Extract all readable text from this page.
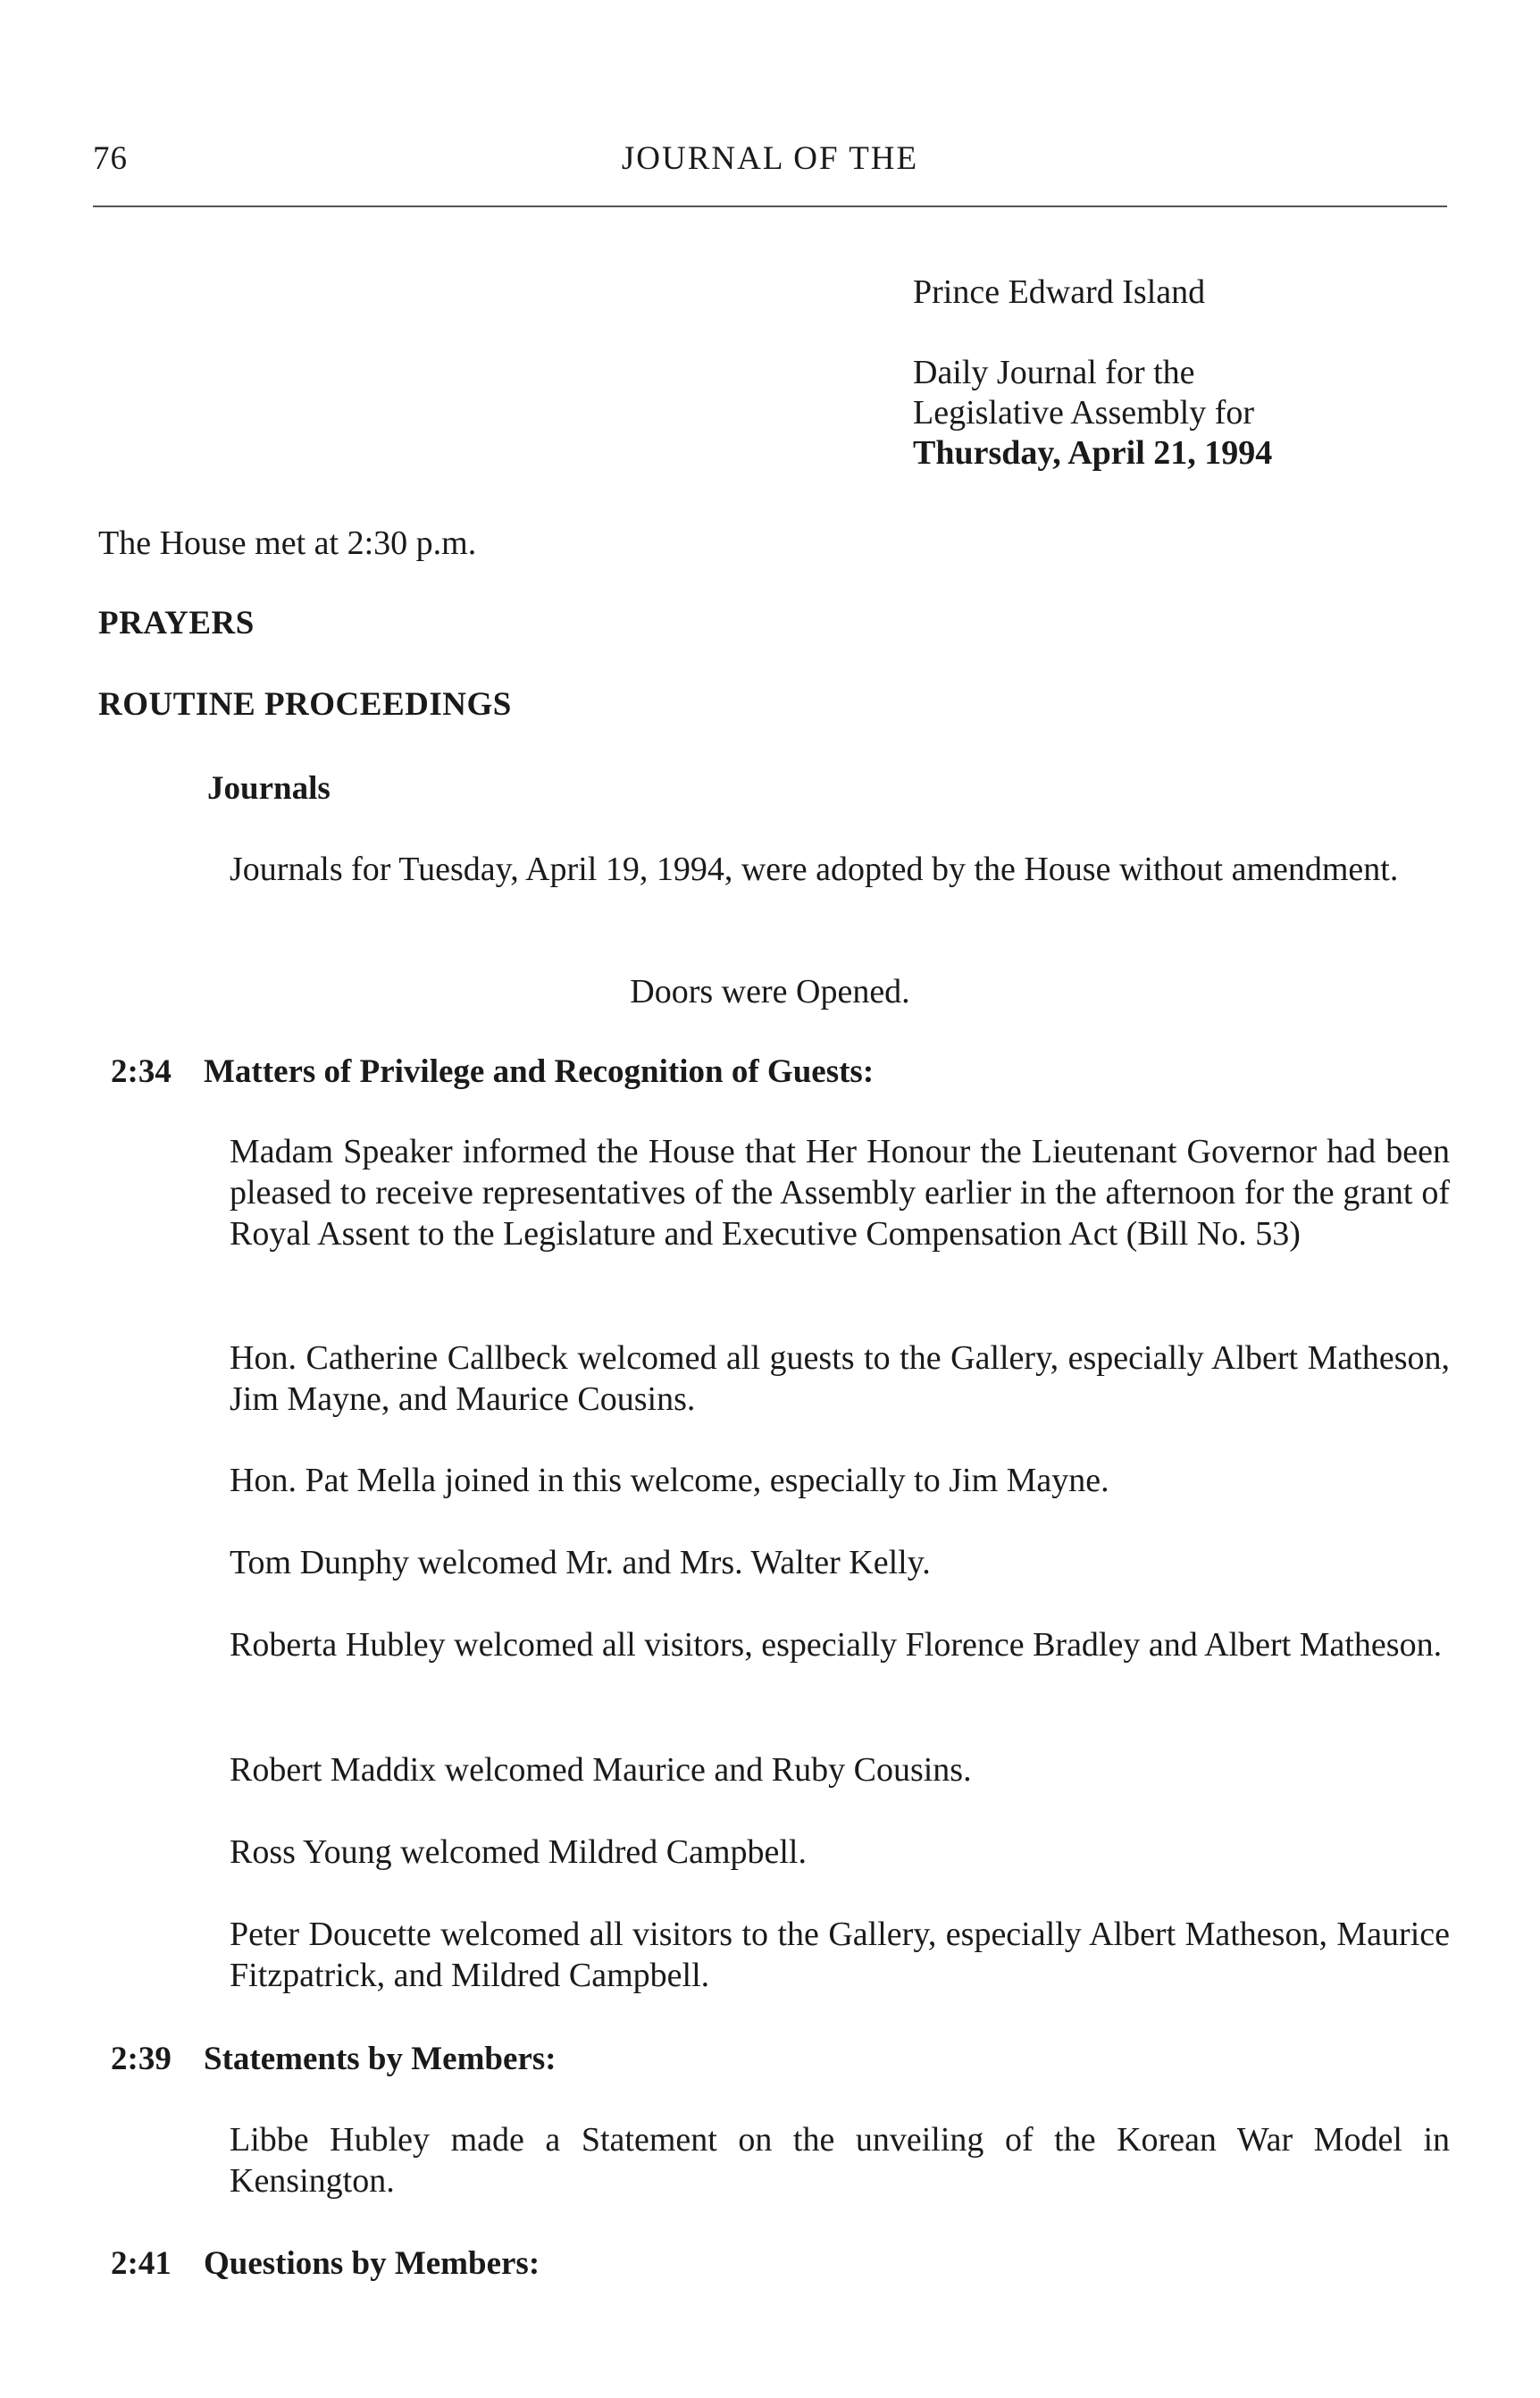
76	JOURNAL OF THE
Prince Edward Island
Daily Journal for the
Legislative Assembly for
Thursday, April 21, 1994
The House met at 2:30 p.m.
PRAYERS
ROUTINE PROCEEDINGS
Journals

Journals for Tuesday, April 19, 1994, were adopted by the House without amendment.

Doors were Opened.
2:34 Matters of Privilege and Recognition of Guests:

Madam Speaker informed the House that Her Honour the Lieutenant Governor had been pleased to receive representatives of the Assembly earlier in the afternoon for the grant of Royal Assent to the Legislature and Executive Compensation Act (Bill No. 53)

Hon. Catherine Callbeck welcomed all guests to the Gallery, especially Albert Matheson, Jim Mayne, and Maurice Cousins.

Hon. Pat Mella joined in this welcome, especially to Jim Mayne.

Tom Dunphy welcomed Mr. and Mrs. Walter Kelly.

Roberta Hubley welcomed all visitors, especially Florence Bradley and Albert Matheson.

Robert Maddix welcomed Maurice and Ruby Cousins.

Ross Young welcomed Mildred Campbell.

Peter Doucette welcomed all visitors to the Gallery, especially Albert Matheson, Maurice Fitzpatrick, and Mildred Campbell.

2:39 Statements by Members:

Libbe Hubley made a Statement on the unveiling of the Korean War Model in Kensington.

2:41 Questions by Members:
